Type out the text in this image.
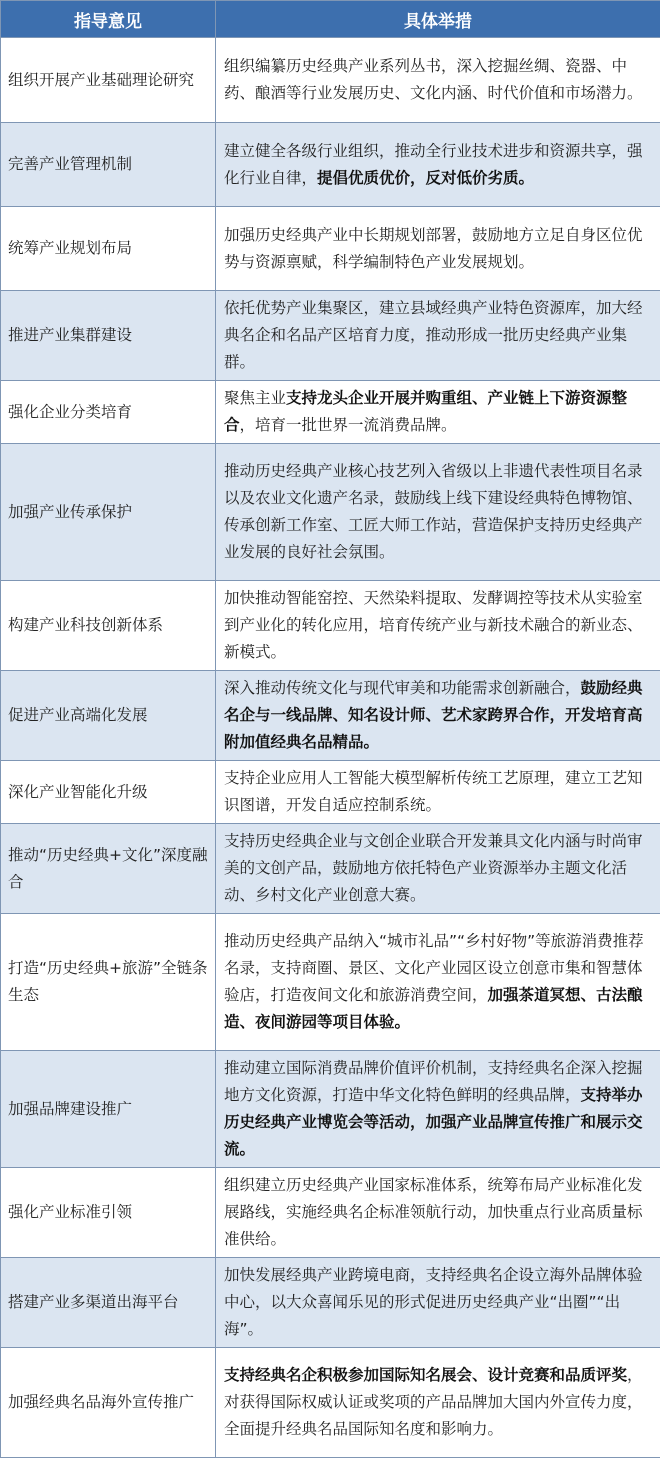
指导意见	具体举措
组织开展产业基础理论研究	组织编纂历史经典产业系列丛书，深入挖掘丝绸、瓷器、中药、酿酒等行业发展历史、文化内涵、时代价值和市场潜力。
完善产业管理机制	建立健全各级行业组织，推动全行业技术进步和资源共享，强化行业自律，提倡优质优价，反对低价劣质。
统筹产业规划布局	加强历史经典产业中长期规划部署，鼓励地方立足自身区位优势与资源禀赋，科学编制特色产业发展规划。
推进产业集群建设	依托优势产业集聚区，建立县域经典产业特色资源库，加大经典名企和名品产区培育力度，推动形成一批历史经典产业集群。
强化企业分类培育	聚焦主业支持龙头企业开展并购重组、产业链上下游资源整合，培育一批世界一流消费品牌。
加强产业传承保护	推动历史经典产业核心技艺列入省级以上非遗代表性项目名录以及农业文化遗产名录，鼓励线上线下建设经典特色博物馆、传承创新工作室、工匠大师工作站，营造保护支持历史经典产业发展的良好社会氛围。
构建产业科技创新体系	加快推动智能窑控、天然染料提取、发酵调控等技术从实验室到产业化的转化应用，培育传统产业与新技术融合的新业态、新模式。
促进产业高端化发展	深入推动传统文化与现代审美和功能需求创新融合，鼓励经典名企与一线品牌、知名设计师、艺术家跨界合作，开发培育高附加值经典名品精品。
深化产业智能化升级	支持企业应用人工智能大模型解析传统工艺原理，建立工艺知识图谱，开发自适应控制系统。
推动“历史经典+文化”深度融合	支持历史经典企业与文创企业联合开发兼具文化内涵与时尚审美的文创产品，鼓励地方依托特色产业资源举办主题文化活动、乡村文化产业创意大赛。
打造“历史经典+旅游”全链条生态	推动历史经典产品纳入“城市礼品”“乡村好物”等旅游消费推荐名录，支持商圈、景区、文化产业园区设立创意市集和智慧体验店，打造夜间文化和旅游消费空间，加强茶道冥想、古法酿造、夜间游园等项目体验。
加强品牌建设推广	推动建立国际消费品牌价值评价机制，支持经典名企深入挖掘地方文化资源，打造中华文化特色鲜明的经典品牌，支持举办历史经典产业博览会等活动，加强产业品牌宣传推广和展示交流。
强化产业标准引领	组织建立历史经典产业国家标准体系，统筹布局产业标准化发展路线，实施经典名企标准领航行动，加快重点行业高质量标准供给。
搭建产业多渠道出海平台	加快发展经典产业跨境电商，支持经典名企设立海外品牌体验中心，以大众喜闻乐见的形式促进历史经典产业“出圈”“出海”。
加强经典名品海外宣传推广	支持经典名企积极参加国际知名展会、设计竞赛和品质评奖，对获得国际权威认证或奖项的产品品牌加大国内外宣传力度，全面提升经典名品国际知名度和影响力。
